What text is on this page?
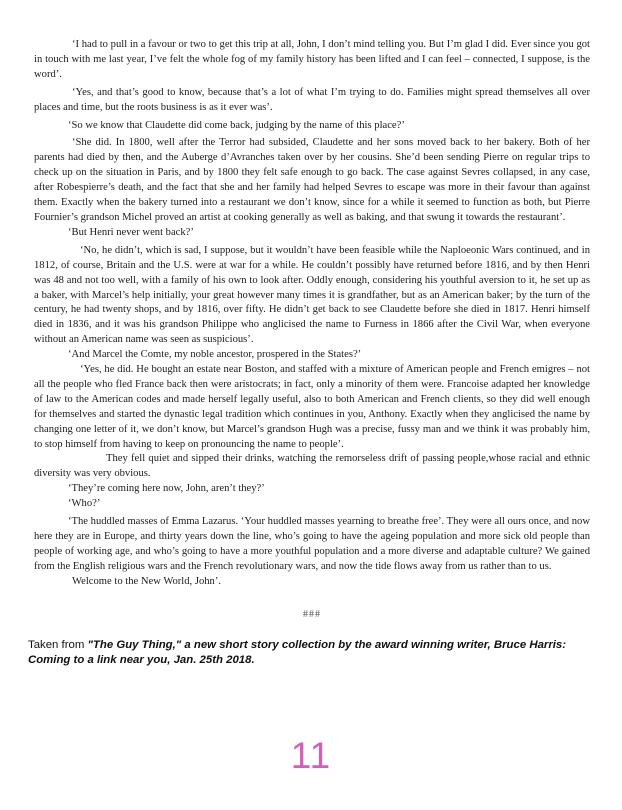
‘I had to pull in a favour or two to get this trip at all, John, I don’t mind telling you. But I’m glad I did. Ever since you got in touch with me last year, I’ve felt the whole fog of my family history has been lifted and I can feel – connected, I suppose, is the word’.

‘Yes, and that’s good to know, because that’s a lot of what I’m trying to do. Families might spread themselves all over places and time, but the roots business is as it ever was’.

‘So we know that Claudette did come back, judging by the name of this place?’

‘She did. In 1800, well after the Terror had subsided, Claudette and her sons moved back to her bakery. Both of her parents had died by then, and the Auberge d’Avranches taken over by her cousins. She’d been sending Pierre on regular trips to check up on the situation in Paris, and by 1800 they felt safe enough to go back. The case against Sevres collapsed, in any case, after Robespierre’s death, and the fact that she and her family had helped Sevres to escape was more in their favour than against them. Exactly when the bakery turned into a restaurant we don’t know, since for a while it seemed to function as both, but Pierre Fournier’s grandson Michel proved an artist at cooking generally as well as baking, and that swung it towards the restaurant’.

‘But Henri never went back?’

‘No, he didn’t, which is sad, I suppose, but it wouldn’t have been feasible while the Naploeonic Wars continued, and in 1812, of course, Britain and the U.S. were at war for a while. He couldn’t possibly have returned before 1816, and by then Henri was 48 and not too well, with a family of his own to look after. Oddly enough, considering his youthful aversion to it, he set up as a baker, with Marcel’s help initially, your great however many times it is grandfather, but as an American baker; by the turn of the century, he had twenty shops, and by 1816, over fifty. He didn’t get back to see Claudette before she died in 1817. Henri himself died in 1836, and it was his grandson Philippe who anglicised the name to Furness in 1866 after the Civil War, when everyone without an American name was seen as suspicious’.

‘And Marcel the Comte, my noble ancestor, prospered in the States?’

‘Yes, he did. He bought an estate near Boston, and staffed with a mixture of American people and French emigres – not all the people who fled France back then were aristocrats; in fact, only a minority of them were. Francoise adapted her knowledge of law to the American codes and made herself legally useful, also to both American and French clients, so they did well enough for themselves and started the dynastic legal tradition which continues in you, Anthony. Exactly when they anglicised the name by changing one letter of it, we don’t know, but Marcel’s grandson Hugh was a precise, fussy man and we think it was probably him, to stop himself from having to keep on pronouncing the name to people’.

They fell quiet and sipped their drinks, watching the remorseless drift of passing people,whose racial and ethnic diversity was very obvious.

‘They’re coming here now, John, aren’t they?’

‘Who?’

‘The huddled masses of Emma Lazarus. ‘Your huddled masses yearning to breathe free’. They were all ours once, and now here they are in Europe, and thirty years down the line, who’s going to have the ageing population and more sick old people than people of working age, and who’s going to have a more youthful population and a more diverse and adaptable culture? We gained from the English religious wars and the French revolutionary wars, and now the tide flows away from us rather than to us.

Welcome to the New World, John’.

###
Taken from "The Guy Thing," a new short story collection by the award winning writer, Bruce Harris: Coming to a link near you, Jan. 25th 2018.
11
